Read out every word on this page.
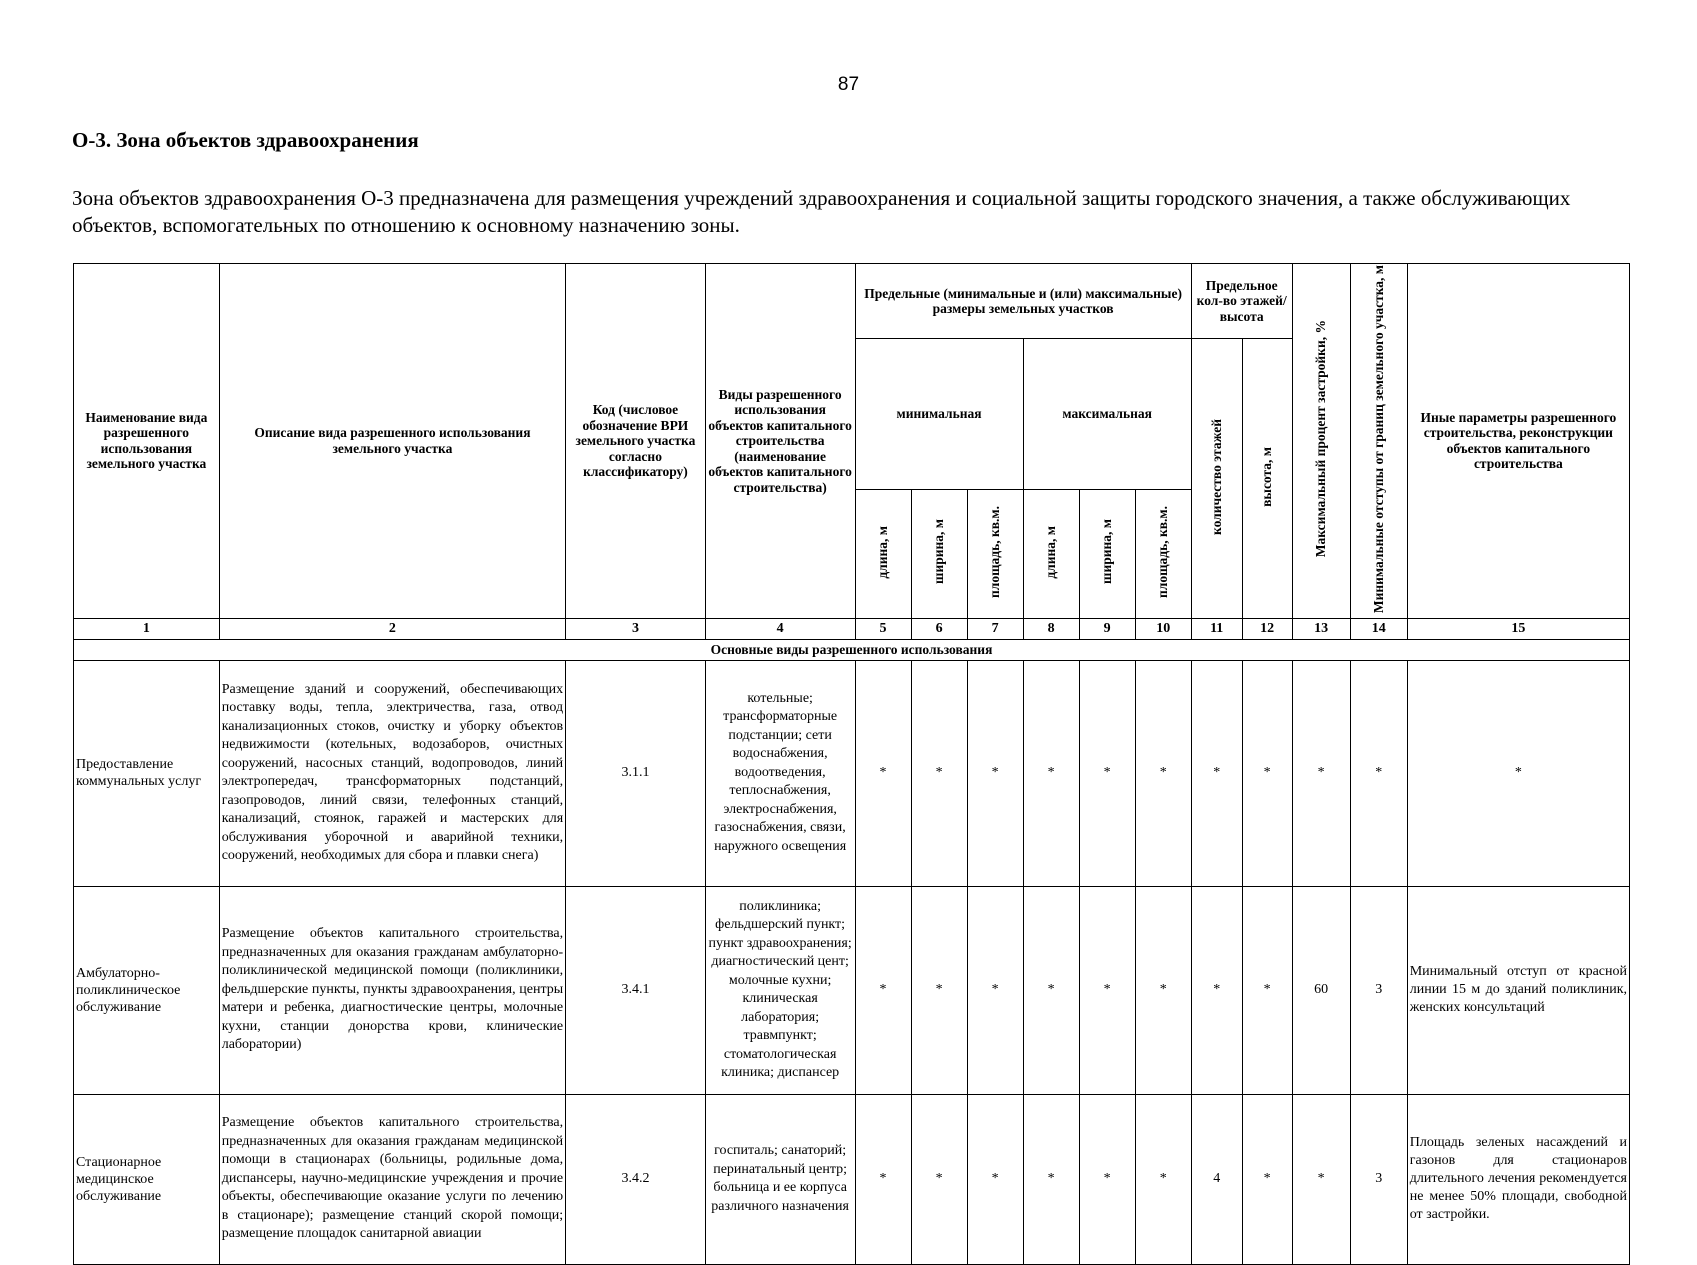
87
О-3. Зона объектов здравоохранения

Зона объектов здравоохранения О-3 предназначена для размещения учреждений здравоохранения и социальной защиты городского значения, а также обслуживающих объектов, вспомогательных по отношению к основному назначению зоны.

Наименование вида разрешенного использования земельного участка	Описание вида разрешенного использования земельного участка	Код (числовое обозначение ВРИ земельного участка согласно классификатору)	Виды разрешенного использования объектов капитального строительства (наименование объектов капитального строительства)	Предельные (минимальные и (или) максимальные) размеры земельных участков						Предельное кол-во этажей/ высота		Максимальный процент застройки, %	Минимальные отступы от границ земельного участка, м	Иные параметры разрешенного строительства, реконструкции объектов капитального строительства
				минимальная			максимальная			количество этажей	высота, м			
				длина, м	ширина, м	площадь, кв.м.	длина, м	ширина, м	площадь, кв.м.					
1	2	3	4	5	6	7	8	9	10	11	12	13	14	15
Основные виды разрешенного использования														
Предоставление коммунальных услуг	Размещение зданий и сооружений, обеспечивающих поставку воды, тепла, электричества, газа, отвод канализационных стоков, очистку и уборку объектов недвижимости (котельных, водозаборов, очистных сооружений, насосных станций, водопроводов, линий электропередач, трансформаторных подстанций, газопроводов, линий связи, телефонных станций, канализаций, стоянок, гаражей и мастерских для обслуживания уборочной и аварийной техники, сооружений, необходимых для сбора и плавки снега)	3.1.1	котельные; трансформаторные подстанции; сети водоснабжения, водоотведения, теплоснабжения, электроснабжения, газоснабжения, связи, наружного освещения	*	*	*	*	*	*	*	*	*	*	*
Амбулаторно-поликлиническое обслуживание	Размещение объектов капитального строительства, предназначенных для оказания гражданам амбулаторно-поликлинической медицинской помощи (поликлиники, фельдшерские пункты, пункты здравоохранения, центры матери и ребенка, диагностические центры, молочные кухни, станции донорства крови, клинические лаборатории)	3.4.1	поликлиника; фельдшерский пункт; пункт здравоохранения; диагностический цент; молочные кухни; клиническая лаборатория; травмпункт; стоматологическая клиника; диспансер	*	*	*	*	*	*	*	*	60	3	Минимальный отступ от красной линии 15 м до зданий поликлиник, женских консультаций
Стационарное медицинское обслуживание	Размещение объектов капитального строительства, предназначенных для оказания гражданам медицинской помощи в стационарах (больницы, родильные дома, диспансеры, научно-медицинские учреждения и прочие объекты, обеспечивающие оказание услуги по лечению в стационаре); размещение станций скорой помощи; размещение площадок санитарной авиации	3.4.2	госпиталь; санаторий; перинатальный центр; больница и ее корпуса различного назначения	*	*	*	*	*	*	4	*	*	3	Площадь зеленых насаждений и газонов для стационаров длительного лечения рекомендуется не менее 50% площади, свободной от застройки.
